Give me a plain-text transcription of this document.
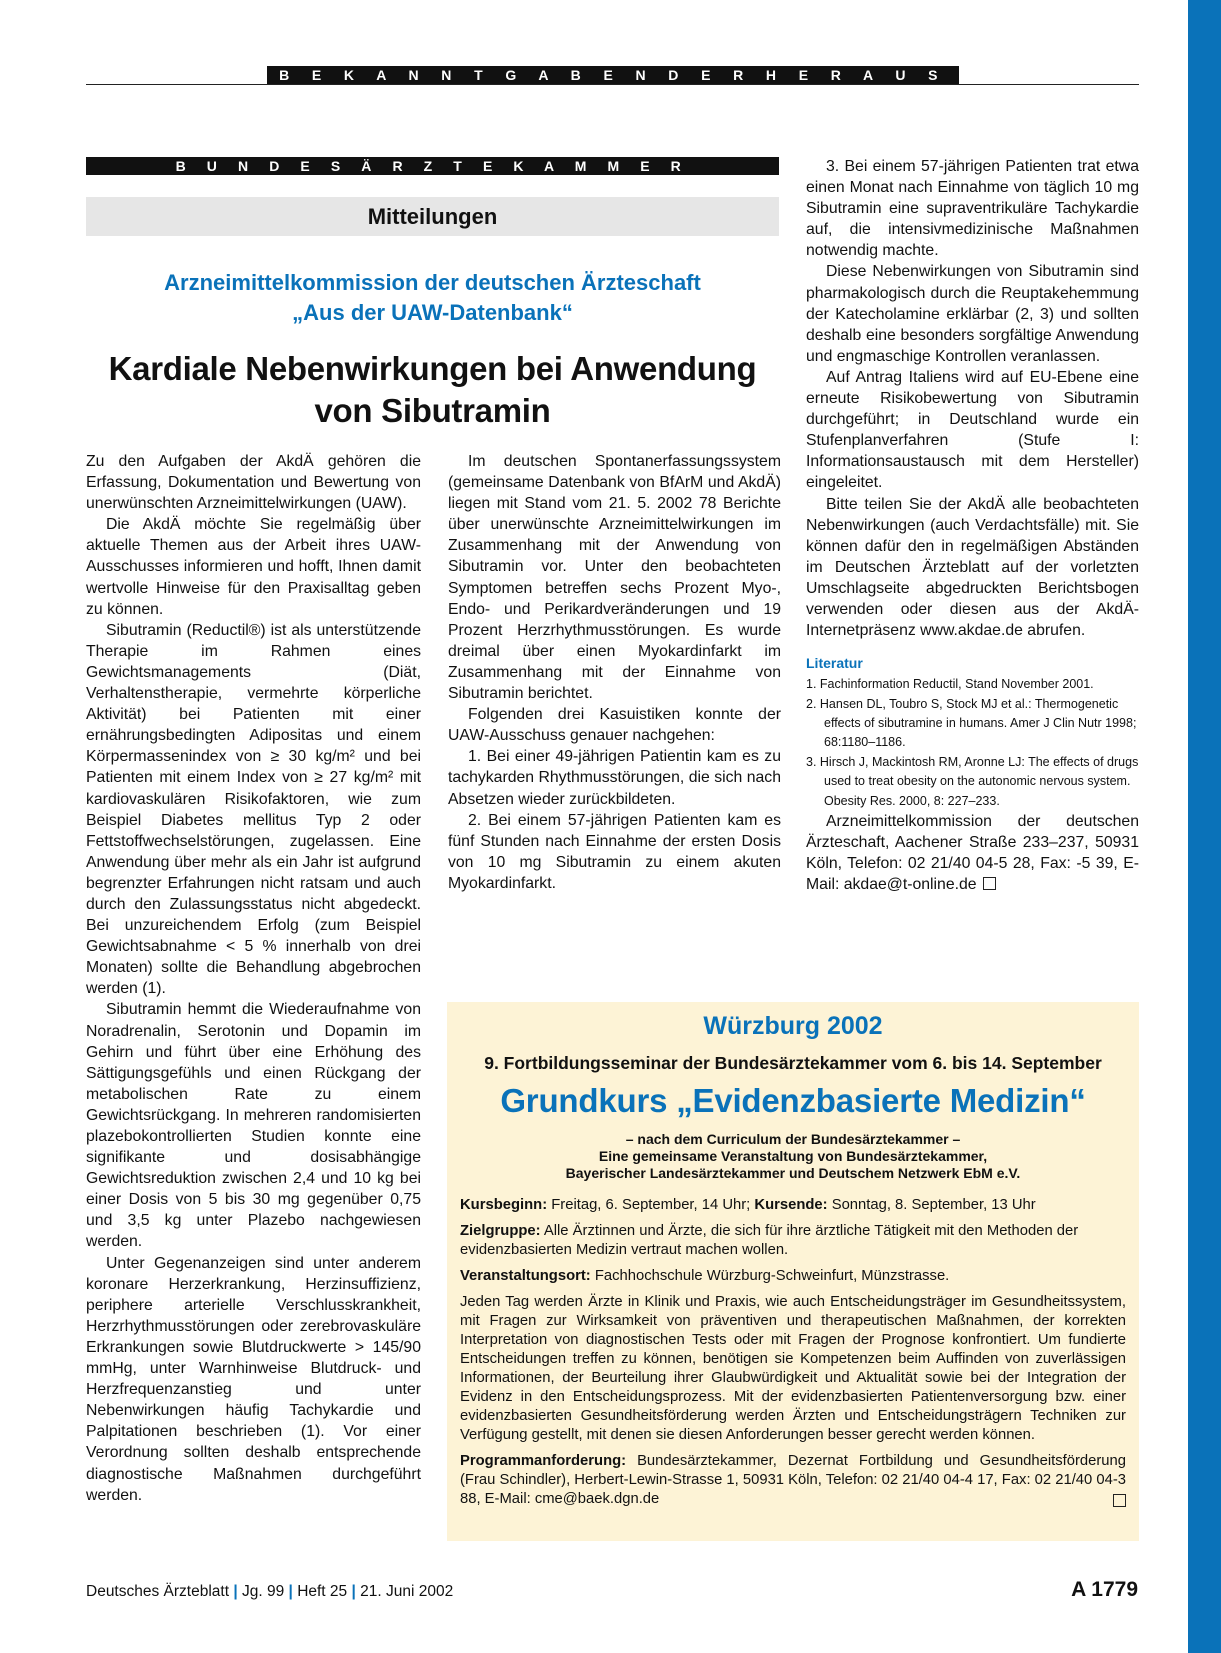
B E K A N N T G A B E N D E R H E R A U S G E B E R
B U N D E S Ä R Z T E K A M M E R
Mitteilungen
Arzneimittelkommission der deutschen Ärzteschaft
„Aus der UAW-Datenbank“
Kardiale Nebenwirkungen bei Anwendung
von Sibutramin

Zu den Aufgaben der AkdÄ gehören die Erfassung, Dokumentation und Bewertung von unerwünschten Arzneimittelwirkungen (UAW).

Die AkdÄ möchte Sie regelmäßig über aktuelle Themen aus der Arbeit ihres UAW-Ausschusses informieren und hofft, Ihnen damit wertvolle Hinweise für den Praxisalltag geben zu können.

Sibutramin (Reductil®) ist als unterstützende Therapie im Rahmen eines Gewichtsmanagements (Diät, Verhaltenstherapie, vermehrte körperliche Aktivität) bei Patienten mit einer ernährungsbedingten Adipositas und einem Körpermassenindex von ≥ 30 kg/m² und bei Patienten mit einem Index von ≥ 27 kg/m² mit kardiovaskulären Risikofaktoren, wie zum Beispiel Diabetes mellitus Typ 2 oder Fettstoffwechselstörungen, zugelassen. Eine Anwendung über mehr als ein Jahr ist aufgrund begrenzter Erfahrungen nicht ratsam und auch durch den Zulassungsstatus nicht abgedeckt. Bei unzureichendem Erfolg (zum Beispiel Gewichtsabnahme < 5 % innerhalb von drei Monaten) sollte die Behandlung abgebrochen werden (1).

Sibutramin hemmt die Wiederaufnahme von Noradrenalin, Serotonin und Dopamin im Gehirn und führt über eine Erhöhung des Sättigungsgefühls und einen Rückgang der metabolischen Rate zu einem Gewichtsrückgang. In mehreren randomisierten plazebokontrollierten Studien konnte eine signifikante und dosisabhängige Gewichtsreduktion zwischen 2,4 und 10 kg bei einer Dosis von 5 bis 30 mg gegenüber 0,75 und 3,5 kg unter Plazebo nachgewiesen werden.

Unter Gegenanzeigen sind unter anderem koronare Herzerkrankung, Herzinsuffizienz, periphere arterielle Verschlusskrankheit, Herzrhythmusstörungen oder zerebrovaskuläre Erkrankungen sowie Blutdruckwerte > 145/90 mmHg, unter Warnhinweise Blutdruck- und Herzfrequenzanstieg und unter Nebenwirkungen häufig Tachykardie und Palpitationen beschrieben (1). Vor einer Verordnung sollten deshalb entsprechende diagnostische Maßnahmen durchgeführt werden.

Im deutschen Spontanerfassungssystem (gemeinsame Datenbank von BfArM und AkdÄ) liegen mit Stand vom 21. 5. 2002 78 Berichte über unerwünschte Arzneimittelwirkungen im Zusammenhang mit der Anwendung von Sibutramin vor. Unter den beobachteten Symptomen betreffen sechs Prozent Myo-, Endo- und Perikardveränderungen und 19 Prozent Herzrhythmusstörungen. Es wurde dreimal über einen Myokardinfarkt im Zusammenhang mit der Einnahme von Sibutramin berichtet.

Folgenden drei Kasuistiken konnte der UAW-Ausschuss genauer nachgehen:

1. Bei einer 49-jährigen Patientin kam es zu tachykarden Rhythmusstörungen, die sich nach Absetzen wieder zurückbildeten.

2. Bei einem 57-jährigen Patienten kam es fünf Stunden nach Einnahme der ersten Dosis von 10 mg Sibutramin zu einem akuten Myokardinfarkt.

3. Bei einem 57-jährigen Patienten trat etwa einen Monat nach Einnahme von täglich 10 mg Sibutramin eine supraventrikuläre Tachykardie auf, die intensivmedizinische Maßnahmen notwendig machte.

Diese Nebenwirkungen von Sibutramin sind pharmakologisch durch die Reuptakehemmung der Katecholamine erklärbar (2, 3) und sollten deshalb eine besonders sorgfältige Anwendung und engmaschige Kontrollen veranlassen.

Auf Antrag Italiens wird auf EU-Ebene eine erneute Risikobewertung von Sibutramin durchgeführt; in Deutschland wurde ein Stufenplanverfahren (Stufe I: Informationsaustausch mit dem Hersteller) eingeleitet.

Bitte teilen Sie der AkdÄ alle beobachteten Nebenwirkungen (auch Verdachtsfälle) mit. Sie können dafür den in regelmäßigen Abständen im Deutschen Ärzteblatt auf der vorletzten Umschlagseite abgedruckten Berichtsbogen verwenden oder diesen aus der AkdÄ-Internetpräsenz www.akdae.de abrufen.

Literatur
1. Fachinformation Reductil, Stand November 2001.
2. Hansen DL, Toubro S, Stock MJ et al.: Thermogenetic effects of sibutramine in humans. Amer J Clin Nutr 1998; 68:1180–1186.
3. Hirsch J, Mackintosh RM, Aronne LJ: The effects of drugs used to treat obesity on the autonomic nervous system. Obesity Res. 2000, 8: 227–233.

Arzneimittelkommission der deutschen Ärzteschaft, Aachener Straße 233–237, 50931 Köln, Telefon: 02 21/40 04-5 28, Fax: -5 39, E-Mail: akdae@t-online.de

Würzburg 2002
9. Fortbildungsseminar der Bundesärztekammer vom 6. bis 14. September
Grundkurs „Evidenzbasierte Medizin“
– nach dem Curriculum der Bundesärztekammer –
Eine gemeinsame Veranstaltung von Bundesärztekammer,
Bayerischer Landesärztekammer und Deutschem Netzwerk EbM e.V.

Kursbeginn: Freitag, 6. September, 14 Uhr; Kursende: Sonntag, 8. September, 13 Uhr

Zielgruppe: Alle Ärztinnen und Ärzte, die sich für ihre ärztliche Tätigkeit mit den Methoden der evidenzbasierten Medizin vertraut machen wollen.

Veranstaltungsort: Fachhochschule Würzburg-Schweinfurt, Münzstrasse.

Jeden Tag werden Ärzte in Klinik und Praxis, wie auch Entscheidungsträger im Gesundheitssystem, mit Fragen zur Wirksamkeit von präventiven und therapeutischen Maßnahmen, der korrekten Interpretation von diagnostischen Tests oder mit Fragen der Prognose konfrontiert. Um fundierte Entscheidungen treffen zu können, benötigen sie Kompetenzen beim Auffinden von zuverlässigen Informationen, der Beurteilung ihrer Glaubwürdigkeit und Aktualität sowie bei der Integration der Evidenz in den Entscheidungsprozess. Mit der evidenzbasierten Patientenversorgung bzw. einer evidenzbasierten Gesundheitsförderung werden Ärzten und Entscheidungsträgern Techniken zur Verfügung gestellt, mit denen sie diesen Anforderungen besser gerecht werden können.

Programmanforderung: Bundesärztekammer, Dezernat Fortbildung und Gesundheitsförderung (Frau Schindler), Herbert-Lewin-Strasse 1, 50931 Köln, Telefon: 02 21/40 04-4 17, Fax: 02 21/40 04-3 88, E-Mail: cme@baek.dgn.de

Deutsches Ärzteblatt | Jg. 99 | Heft 25 | 21. Juni 2002	A 1779
